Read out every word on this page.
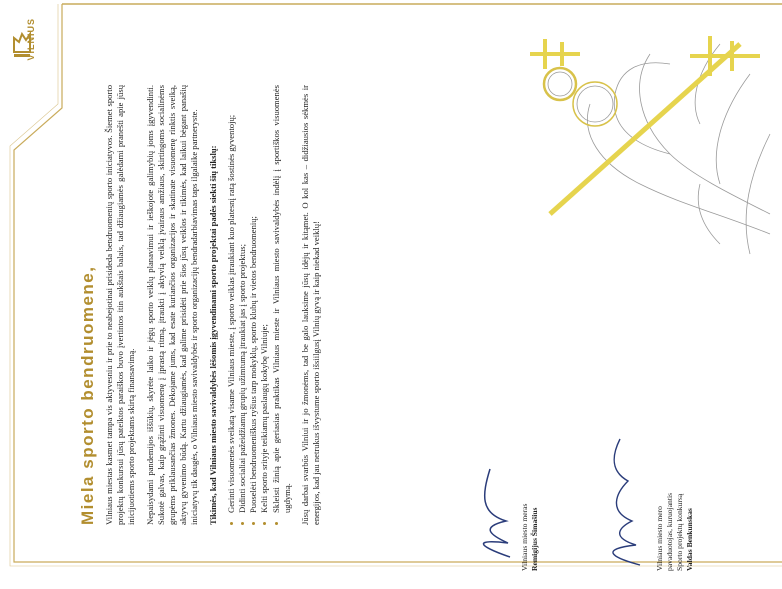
VILNIUS
Miela sporto bendruomene, Vilniaus miestas kasmet tampa vis aktyvesniu ir prie to neabejotinai prisideda bendruomenių sporto iniciatyvos. Šiemet sporto projektų konkursui jūsų pateiktos paraiškos buvo įvertintos itin aukštais balais, tad džiaugiamės galėdami pranešti apie jūsų inicijuotiems sporto projektams skirtą finansavimą. Nepaisydami pandemijos iššūkių, skyrėte laiko ir jėgų sporto veiklų planavimui ir ieškojote galimybių joms įgyvendinti. Sukotė galvas, kaip grąžinti visuomenę į įprastą ritmą, įtraukti į aktyvią veiklą įvairaus amžiaus, skirtingoms socialinėms grupėms priklausančias žmones. Dėkojame jums, kad esate kuriančios organizacijos ir skatinate visuomenę rinktis sveiką, aktyvų gyvenimo būdą. Kartu džiaugiamės, kad galime prisidėti prie šios jūsų veiklos ir tikimės, kad laikui bėgant panašių iniciatyvų tik daugės, o Vilniaus miesto savivaldybės ir sporto organizacijų bendradarbiavimas taps ilgalaike partneryste. Tikimės, kad Vilniaus miesto savivaldybės lėšomis įgyvendinami sporto projektai padės siekti šių tikslų: • Gerinti visuomenės sveikatą visame Vilniaus mieste, į sporto veiklas įtraukiant kuo platesnį ratą šostinės gyventojų; • Didinti socialiai pažeidžiamų grupių užimtumą įtraukiat jas į sporto projektus; • Puoselėti bendruomeniškus ryšius tarp mokyklų, sporto klubų ir vietos bendruomenių; • Kelti sporto srityje teikiamų paslaugų kokybę Vilniuje; • Skleisti žinią apie geriasias praktikas Vilniaus mieste ir Vilniaus miesto savivaldybės indėlį į sportiškos visuomenės ugdymą. Jūsų darbai svarbūs Vilniui ir jo žmonėms, tad be galo lauksime jūsų idėjų ir kitąmet. O kol kas – didžiausios sėkmės ir energijos, kad jau netrukus išvystume sporto išsiilgusį Vilnių gyvą ir kaip niekad veiklų!

Vilniaus miesto meras Remigijus Šimašius	Vilniaus miesto mero pavaduotojas, kuruojantis Sporto projektų konkursą Valdas Benkunskas
